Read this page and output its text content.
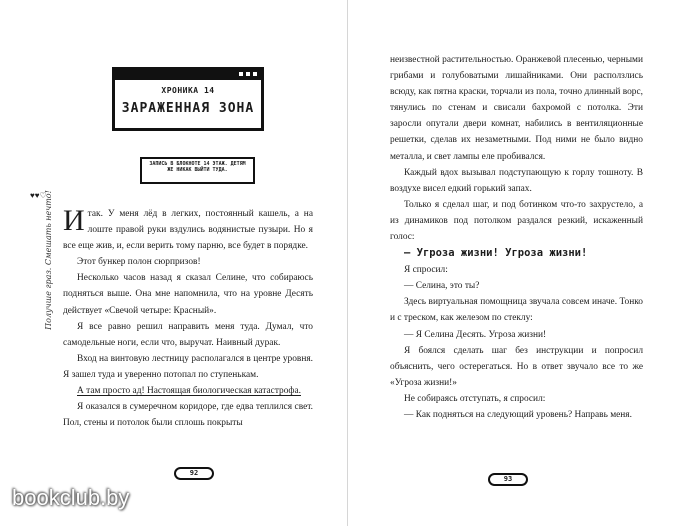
ХРОНИКА 14
ЗАРАЖЕННАЯ ЗОНА
ЗАПИСЬ В БЛОКНОТЕ 14 ЭТАЖ. ДЕТЯМ ЖЕ НИКАК ВЫЙТИ ТУДА.
♥♥♡
Получше граз. Смешать нечто! Итак. У меня лёд в легких, постоянный кашель, а на лоште правой руки вздулись водянистые пузыри. Но я все еще жив, и, если верить тому парню, все будет в порядке.

Этот бункер полон сюрпризов!

Несколько часов назад я сказал Селине, что собираюсь подняться выше. Она мне напомнила, что на уровне Десять действует «Свечой четыре: Красный».

Я все равно решил направить меня туда. Думал, что самодельные ноги, если что, выручат. Наивный дурак.

Вход на винтовую лестницу располагался в центре уровня. Я зашел туда и уверенно потопал по ступенькам.

А там просто ад! Настоящая биологическая катастрофа.

Я оказался в сумеречном коридоре, где едва теплился свет. Пол, стены и потолок были сплошь покрыты

92

неизвестной растительностью. Оранжевой плесенью, черными грибами и голубоватыми лишайниками. Они расползлись всюду, как пятна краски, торчали из пола, точно длинный ворс, тянулись по стенам и свисали бахромой с потолка. Эти заросли опутали двери комнат, набились в вентиляционные решетки, сделав их незаметными. Под ними не было видно металла, и свет лампы еле пробивался.

Каждый вдох вызывал подступающую к горлу тошноту. В воздухе висел едкий горький запах.

Только я сделал шаг, и под ботинком что-то захрустело, а из динамиков под потолком раздался резкий, искаженный голос:

— Угроза жизни! Угроза жизни!

Я спросил:

— Селина, это ты?

Здесь виртуальная помощница звучала совсем иначе. Тонко и с треском, как железом по стеклу:

— Я Селина Десять. Угроза жизни!

Я боялся сделать шаг без инструкции и попросил объяснить, чего остерегаться. Но в ответ звучало все то же «Угроза жизни!»

Не собираясь отступать, я спросил:

— Как подняться на следующий уровень? Направь меня.

93
bookclub.by
